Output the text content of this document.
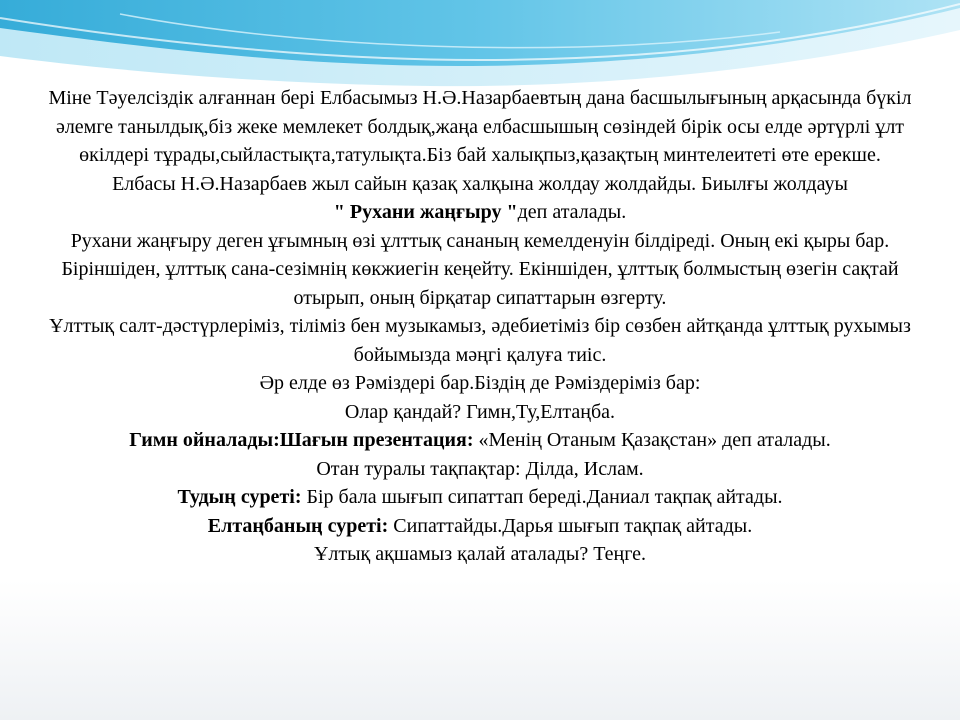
Міне Тәуелсіздік алғаннан бері Елбасымыз Н.Ә.Назарбаевтың дана басшылығының арқасында бүкіл әлемге танылдық,біз жеке мемлекет болдық,жаңа елбасшышың сөзіндей бірік осы елде әртүрлі ұлт өкілдері тұрады,сыйластықта,татулықта.Біз бай халықпыз,қазақтың минтелеитеті өте ерекше.

Елбасы Н.Ә.Назарбаев жыл сайын қазақ халқына жолдау жолдайды. Биылғы жолдауы

" Рухани жаңғыру "деп аталады.

Рухани жаңғыру деген ұғымның өзі ұлттық сананың кемелденуін білдіреді. Оның екі қыры бар. Біріншіден, ұлттық сана-сезімнің көкжиегін кеңейту. Екіншіден, ұлттық болмыстың өзегін сақтай отырып, оның бірқатар сипаттарын өзгерту.

Ұлттық салт-дәстүрлеріміз, тіліміз бен музыкамыз, әдебиетіміз бір сөзбен айтқанда ұлттық рухымыз бойымызда мәңгі қалуға тиіс.

Әр елде өз Рәміздері бар.Біздің де Рәміздеріміз бар:

Олар қандай? Гимн,Ту,Елтаңба.

Гимн ойналады:Шағын презентация: «Менің Отаным Қазақстан» деп аталады.

Отан туралы тақпақтар: Ділда, Ислам.

Тудың суреті: Бір бала шығып сипаттап береді.Даниал тақпақ айтады.

Елтаңбаның суреті: Сипаттайды.Дарья шығып тақпақ айтады.

Ұлтық ақшамыз қалай аталады? Теңге.
